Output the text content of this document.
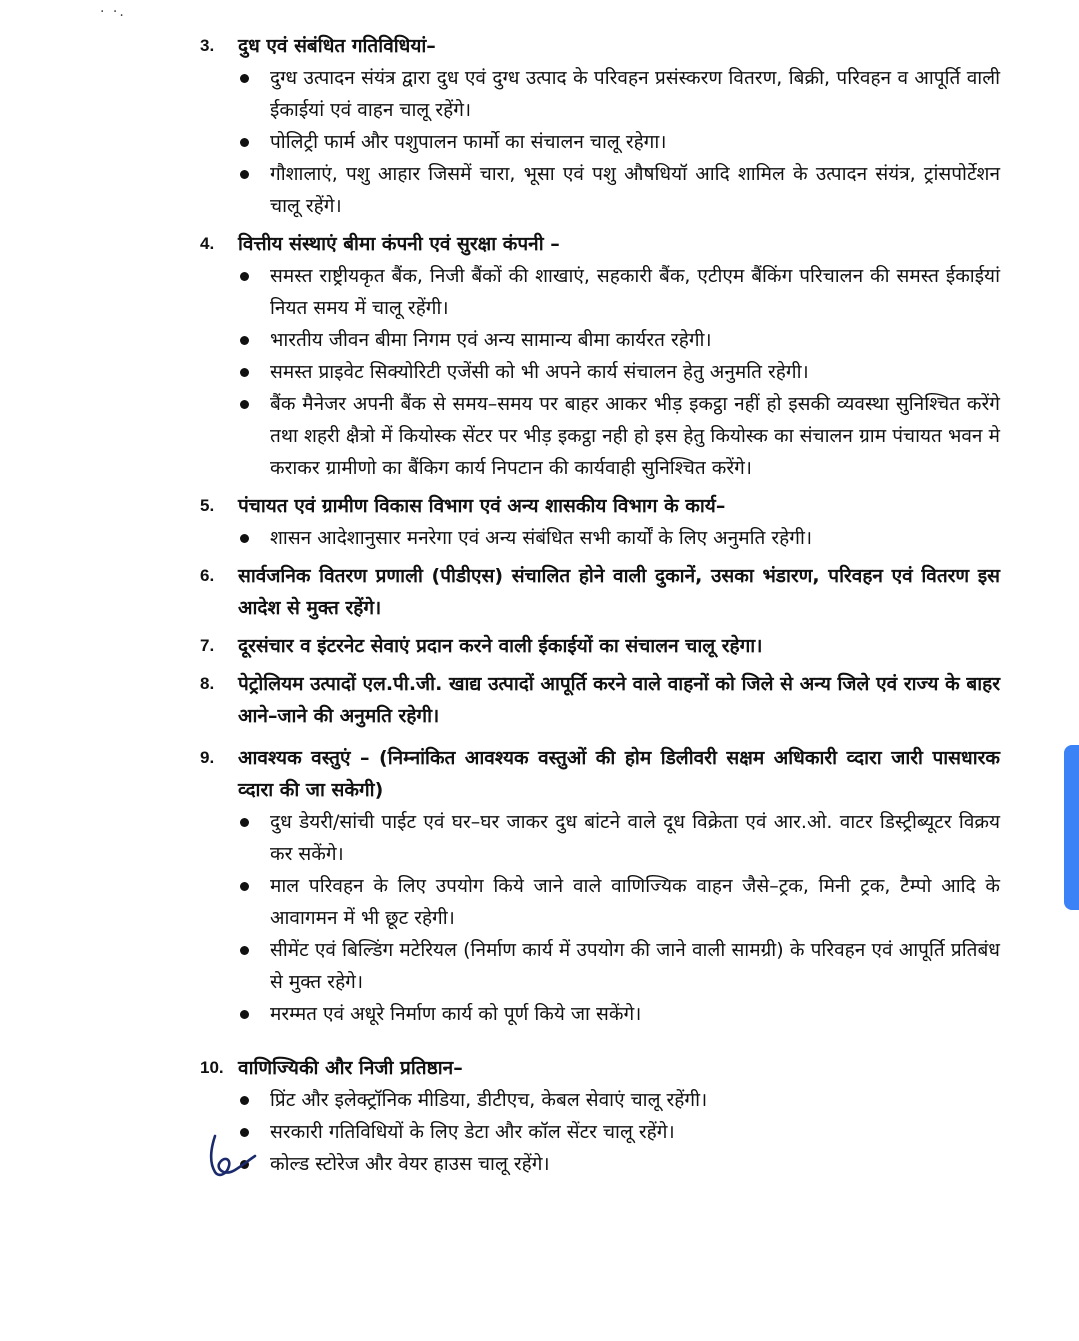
· ·.
3.	दुध एवं संबंधित गतिविधियां–
दुग्ध उत्पादन संयंत्र द्वारा दुध एवं दुग्ध उत्पाद के परिवहन प्रसंस्करण वितरण, बिक्री, परिवहन व आपूर्ति वाली ईकाईयां एवं वाहन चालू रहेंगे।
पोलिट्री फार्म और पशुपालन फार्मो का संचालन चालू रहेगा।
गौशालाएं, पशु आहार जिसमें चारा, भूसा एवं पशु औषधियॉ आदि शामिल के उत्पादन संयंत्र, ट्रांसपोर्टेशन चालू रहेंगे।
4.	वित्तीय संस्थाएं बीमा कंपनी एवं सुरक्षा कंपनी –
समस्त राष्ट्रीयकृत बैंक, निजी बैंकों की शाखाएं, सहकारी बैंक, एटीएम बैंकिंग परिचालन की समस्त ईकाईयां नियत समय में चालू रहेंगी।
भारतीय जीवन बीमा निगम एवं अन्य सामान्य बीमा कार्यरत रहेगी।
समस्त प्राइवेट सिक्योरिटी एजेंसी को भी अपने कार्य संचालन हेतु अनुमति रहेगी।
बैंक मैनेजर अपनी बैंक से समय–समय पर बाहर आकर भीड़ इकट्ठा नहीं हो इसकी व्यवस्था सुनिश्चित करेंगे तथा शहरी क्षैत्रो में कियोस्क सेंटर पर भीड़ इकट्ठा नही हो इस हेतु कियोस्क का संचालन ग्राम पंचायत भवन मे कराकर ग्रामीणो का बैंकिग कार्य निपटान की कार्यवाही सुनिश्चित करेंगे।
5.	पंचायत एवं ग्रामीण विकास विभाग एवं अन्य शासकीय विभाग के कार्य–
शासन आदेशानुसार मनरेगा एवं अन्य संबंधित सभी कार्यों के लिए अनुमति रहेगी।
6.	सार्वजनिक वितरण प्रणाली (पीडीएस) संचालित होने वाली दुकानें, उसका भंडारण, परिवहन एवं वितरण इस आदेश से मुक्त रहेंगे।
7.	दूरसंचार व इंटरनेट सेवाएं प्रदान करने वाली ईकाईयों का संचालन चालू रहेगा।
8.	पेट्रोलियम उत्पादों एल.पी.जी. खाद्य उत्पादों आपूर्ति करने वाले वाहनों को जिले से अन्य जिले एवं राज्य के बाहर आने–जाने की अनुमति रहेगी।
9.	आवश्यक वस्तुएं – (निम्नांकित आवश्यक वस्तुओं की होम डिलीवरी सक्षम अधिकारी व्दारा जारी पासधारक व्दारा की जा सकेगी)
दुध डेयरी/सांची पाईट एवं घर–घर जाकर दुध बांटने वाले दूध विक्रेता एवं आर.ओ. वाटर डिस्ट्रीब्यूटर विक्रय कर सकेंगे।
माल परिवहन के लिए उपयोग किये जाने वाले वाणिज्यिक वाहन जैसे–ट्रक, मिनी ट्रक, टैम्पो आदि के आवागमन में भी छूट रहेगी।
सीमेंट एवं बिल्डिंग मटेरियल (निर्माण कार्य में उपयोग की जाने वाली सामग्री) के परिवहन एवं आपूर्ति प्रतिबंध से मुक्त रहेगे।
मरम्मत एवं अधूरे निर्माण कार्य को पूर्ण किये जा सकेंगे।
10. वाणिज्यिकी और निजी प्रतिष्ठान–
प्रिंट और इलेक्ट्रॉनिक मीडिया, डीटीएच, केबल सेवाएं चालू रहेंगी।
सरकारी गतिविधियों के लिए डेटा और कॉल सेंटर चालू रहेंगे।
कोल्ड स्टोरेज और वेयर हाउस चालू रहेंगे।
